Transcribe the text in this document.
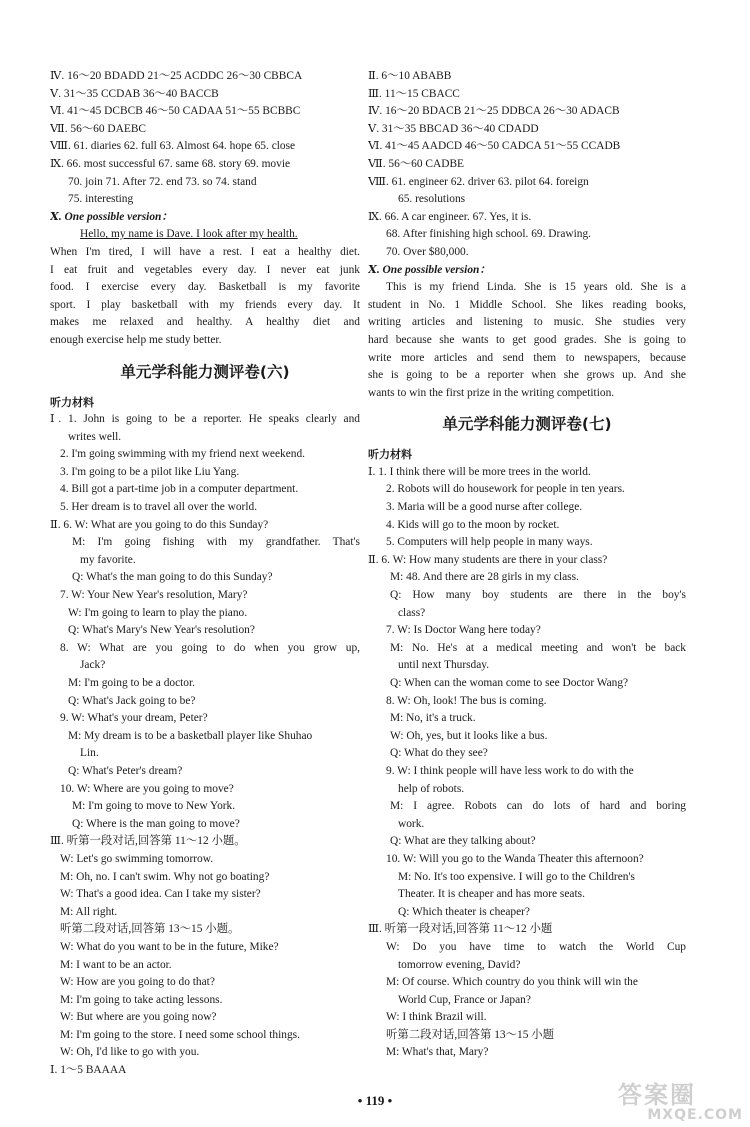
Ⅳ. 16～20 BDADD 21～25 ACDDC 26～30 CBBCA
Ⅴ. 31～35 CCDAB 36～40 BACCB
Ⅵ. 41～45 DCBCB 46～50 CADAA 51～55 BCBBC
Ⅶ. 56～60 DAEBC
Ⅷ. 61. diaries 62. full 63. Almost 64. hope 65. close
Ⅸ. 66. most successful 67. same 68. story 69. movie
70. join 71. After 72. end 73. so 74. stand
75. interesting
Ⅹ. One possible version：
Hello, my name is Dave. I look after my health.
When I'm tired, I will have a rest. I eat a healthy diet.
I eat fruit and vegetables every day. I never eat junk
food. I exercise every day. Basketball is my favorite
sport. I play basketball with my friends every day. It
makes me relaxed and healthy. A healthy diet and
enough exercise help me study better.
单元学科能力测评卷(六)
听力材料
Ⅰ. 1. John is going to be a reporter. He speaks clearly and
writes well.
2. I'm going swimming with my friend next weekend.
3. I'm going to be a pilot like Liu Yang.
4. Bill got a part-time job in a computer department.
5. Her dream is to travel all over the world.
Ⅱ. 6. W: What are you going to do this Sunday?
M: I'm going fishing with my grandfather. That's
my favorite.
Q: What's the man going to do this Sunday?
7. W: Your New Year's resolution, Mary?
W: I'm going to learn to play the piano.
Q: What's Mary's New Year's resolution?
8. W: What are you going to do when you grow up,
Jack?
M: I'm going to be a doctor.
Q: What's Jack going to be?
9. W: What's your dream, Peter?
M: My dream is to be a basketball player like Shuhao
Lin.
Q: What's Peter's dream?
10. W: Where are you going to move?
M: I'm going to move to New York.
Q: Where is the man going to move?
Ⅲ. 听第一段对话,回答第 11～12 小题。
W: Let's go swimming tomorrow.
M: Oh, no. I can't swim. Why not go boating?
W: That's a good idea. Can I take my sister?
M: All right.
听第二段对话,回答第 13～15 小题。
W: What do you want to be in the future, Mike?
M: I want to be an actor.
W: How are you going to do that?
M: I'm going to take acting lessons.
W: But where are you going now?
M: I'm going to the store. I need some school things.
W: Oh, I'd like to go with you.
Ⅰ. 1～5 BAAAA
Ⅱ. 6～10 ABABB
Ⅲ. 11～15 CBACC
Ⅳ. 16～20 BDACB 21～25 DDBCA 26～30 ADACB
Ⅴ. 31～35 BBCAD 36～40 CDADD
Ⅵ. 41～45 AADCD 46～50 CADCA 51～55 CCADB
Ⅶ. 56～60 CADBE
Ⅷ. 61. engineer 62. driver 63. pilot 64. foreign
65. resolutions
Ⅸ. 66. A car engineer. 67. Yes, it is.
68. After finishing high school. 69. Drawing.
70. Over $80,000.
Ⅹ. One possible version：
This is my friend Linda. She is 15 years old. She is a
student in No. 1 Middle School. She likes reading books,
writing articles and listening to music. She studies very
hard because she wants to get good grades. She is going to
write more articles and send them to newspapers, because
she is going to be a reporter when she grows up. And she
wants to win the first prize in the writing competition.
单元学科能力测评卷(七)
听力材料
Ⅰ. 1. I think there will be more trees in the world.
2. Robots will do housework for people in ten years.
3. Maria will be a good nurse after college.
4. Kids will go to the moon by rocket.
5. Computers will help people in many ways.
Ⅱ. 6. W: How many students are there in your class?
M: 48. And there are 28 girls in my class.
Q: How many boy students are there in the boy's
class?
7. W: Is Doctor Wang here today?
M: No. He's at a medical meeting and won't be back
until next Thursday.
Q: When can the woman come to see Doctor Wang?
8. W: Oh, look! The bus is coming.
M: No, it's a truck.
W: Oh, yes, but it looks like a bus.
Q: What do they see?
9. W: I think people will have less work to do with the
help of robots.
M: I agree. Robots can do lots of hard and boring
work.
Q: What are they talking about?
10. W: Will you go to the Wanda Theater this afternoon?
M: No. It's too expensive. I will go to the Children's
Theater. It is cheaper and has more seats.
Q: Which theater is cheaper?
Ⅲ. 听第一段对话,回答第 11～12 小题
W: Do you have time to watch the World Cup
tomorrow evening, David?
M: Of course. Which country do you think will win the
World Cup, France or Japan?
W: I think Brazil will.
听第二段对话,回答第 13～15 小题
M: What's that, Mary?
• 119 •	答案圈
MXQE.COM
